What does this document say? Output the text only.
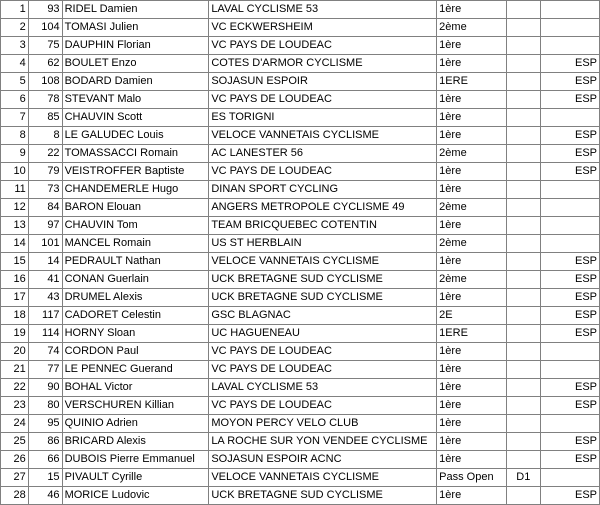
1	93	RIDEL Damien	LAVAL CYCLISME 53	1ère		
2	104	TOMASI Julien	VC ECKWERSHEIM	2ème		
3	75	DAUPHIN Florian	VC PAYS DE LOUDEAC	1ère		
4	62	BOULET Enzo	COTES D'ARMOR CYCLISME	1ère		ESP
5	108	BODARD Damien	SOJASUN ESPOIR	1ERE		ESP
6	78	STEVANT Malo	VC PAYS DE LOUDEAC	1ère		ESP
7	85	CHAUVIN Scott	ES TORIGNI	1ère		
8	8	LE GALUDEC Louis	VELOCE VANNETAIS CYCLISME	1ère		ESP
9	22	TOMASSACCI Romain	AC LANESTER 56	2ème		ESP
10	79	VEISTROFFER Baptiste	VC PAYS DE LOUDEAC	1ère		ESP
11	73	CHANDEMERLE Hugo	DINAN SPORT CYCLING	1ère		
12	84	BARON Elouan	ANGERS METROPOLE CYCLISME 49	2ème		
13	97	CHAUVIN Tom	TEAM BRICQUEBEC COTENTIN	1ère		
14	101	MANCEL Romain	US ST HERBLAIN	2ème		
15	14	PEDRAULT Nathan	VELOCE VANNETAIS CYCLISME	1ère		ESP
16	41	CONAN Guerlain	UCK BRETAGNE SUD CYCLISME	2ème		ESP
17	43	DRUMEL Alexis	UCK BRETAGNE SUD CYCLISME	1ère		ESP
18	117	CADORET Celestin	GSC BLAGNAC	2E		ESP
19	114	HORNY Sloan	UC HAGUENEAU	1ERE		ESP
20	74	CORDON Paul	VC PAYS DE LOUDEAC	1ère		
21	77	LE PENNEC Guerand	VC PAYS DE LOUDEAC	1ère		
22	90	BOHAL Victor	LAVAL CYCLISME 53	1ère		ESP
23	80	VERSCHUREN Killian	VC PAYS DE LOUDEAC	1ère		ESP
24	95	QUINIO Adrien	MOYON PERCY VELO CLUB	1ère		
25	86	BRICARD Alexis	LA ROCHE SUR YON VENDEE CYCLISME	1ère		ESP
26	66	DUBOIS Pierre Emmanuel	SOJASUN ESPOIR ACNC	1ère		ESP
27	15	PIVAULT Cyrille	VELOCE VANNETAIS CYCLISME	Pass Open	D1	
28	46	MORICE Ludovic	UCK BRETAGNE SUD CYCLISME	1ère		ESP
